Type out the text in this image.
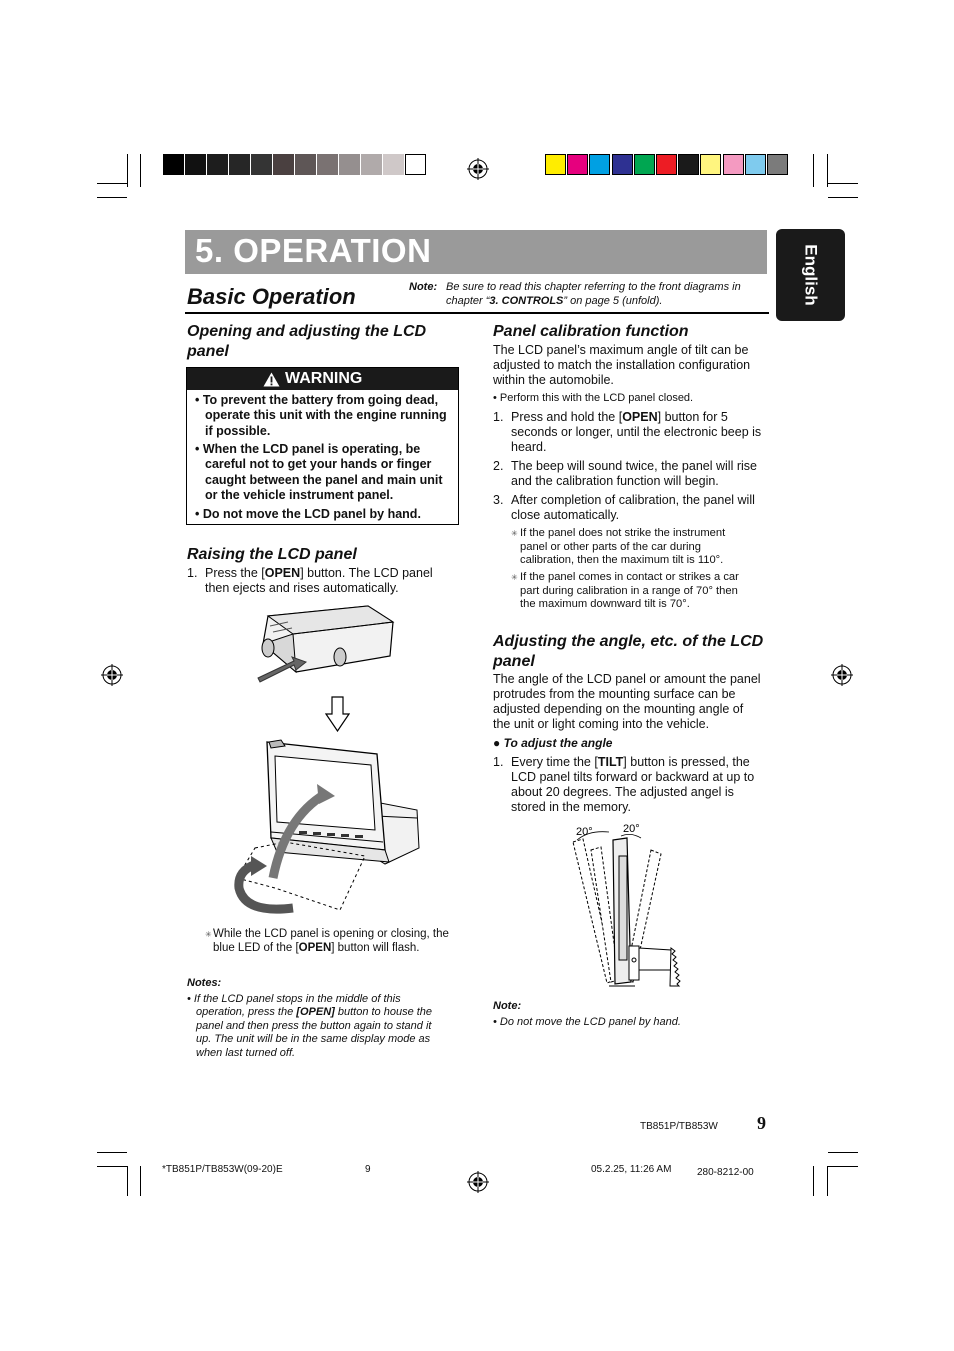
5. OPERATION
Basic Operation	Note: Be sure to read this chapter referring to the front diagrams in
chapter “3. CONTROLS” on page 5 (unfold).	English
Opening and adjusting the LCD
panel
WARNING
• To prevent the battery from going dead,
operate this unit with the engine running
if possible.
• When the LCD panel is operating, be
careful not to get your hands or finger
caught between the panel and main unit
or the vehicle instrument panel.
• Do not move the LCD panel by hand.
Raising the LCD panel
1. Press the [OPEN] button. The LCD panel
then ejects and rises automatically.
✳ While the LCD panel is opening or closing, the
blue LED of the [OPEN] button will flash.
Notes:
• If the LCD panel stops in the middle of this
operation, press the [OPEN] button to house the
panel and then press the button again to stand it
up. The unit will be in the same display mode as
when last turned off.
Panel calibration function
The LCD panel’s maximum angle of tilt can be
adjusted to match the installation configuration
within the automobile.
• Perform this with the LCD panel closed.
1. Press and hold the [OPEN] button for 5
seconds or longer, until the electronic beep is
heard.
2. The beep will sound twice, the panel will rise
and the calibration function will begin.
3. After completion of calibration, the panel will
close automatically.
✳ If the panel does not strike the instrument
panel or other parts of the car during
calibration, then the maximum tilt is 110°.
✳ If the panel comes in contact or strikes a car
part during calibration in a range of 70° then
the maximum downward tilt is 70°.
Adjusting the angle, etc. of the LCD
panel
The angle of the LCD panel or amount the panel
protrudes from the mounting surface can be
adjusted depending on the mounting angle of
the unit or light coming into the vehicle.
● To adjust the angle
1. Every time the [TILT] button is pressed, the
LCD panel tilts forward or backward at up to
about 20 degrees. The adjusted angel is
stored in the memory.
20°	20°
Note:
• Do not move the LCD panel by hand.
9
TB851P/TB853W
*TB851P/TB853W(09-20)E	9	05.2.25, 11:26 AM	280-8212-00
